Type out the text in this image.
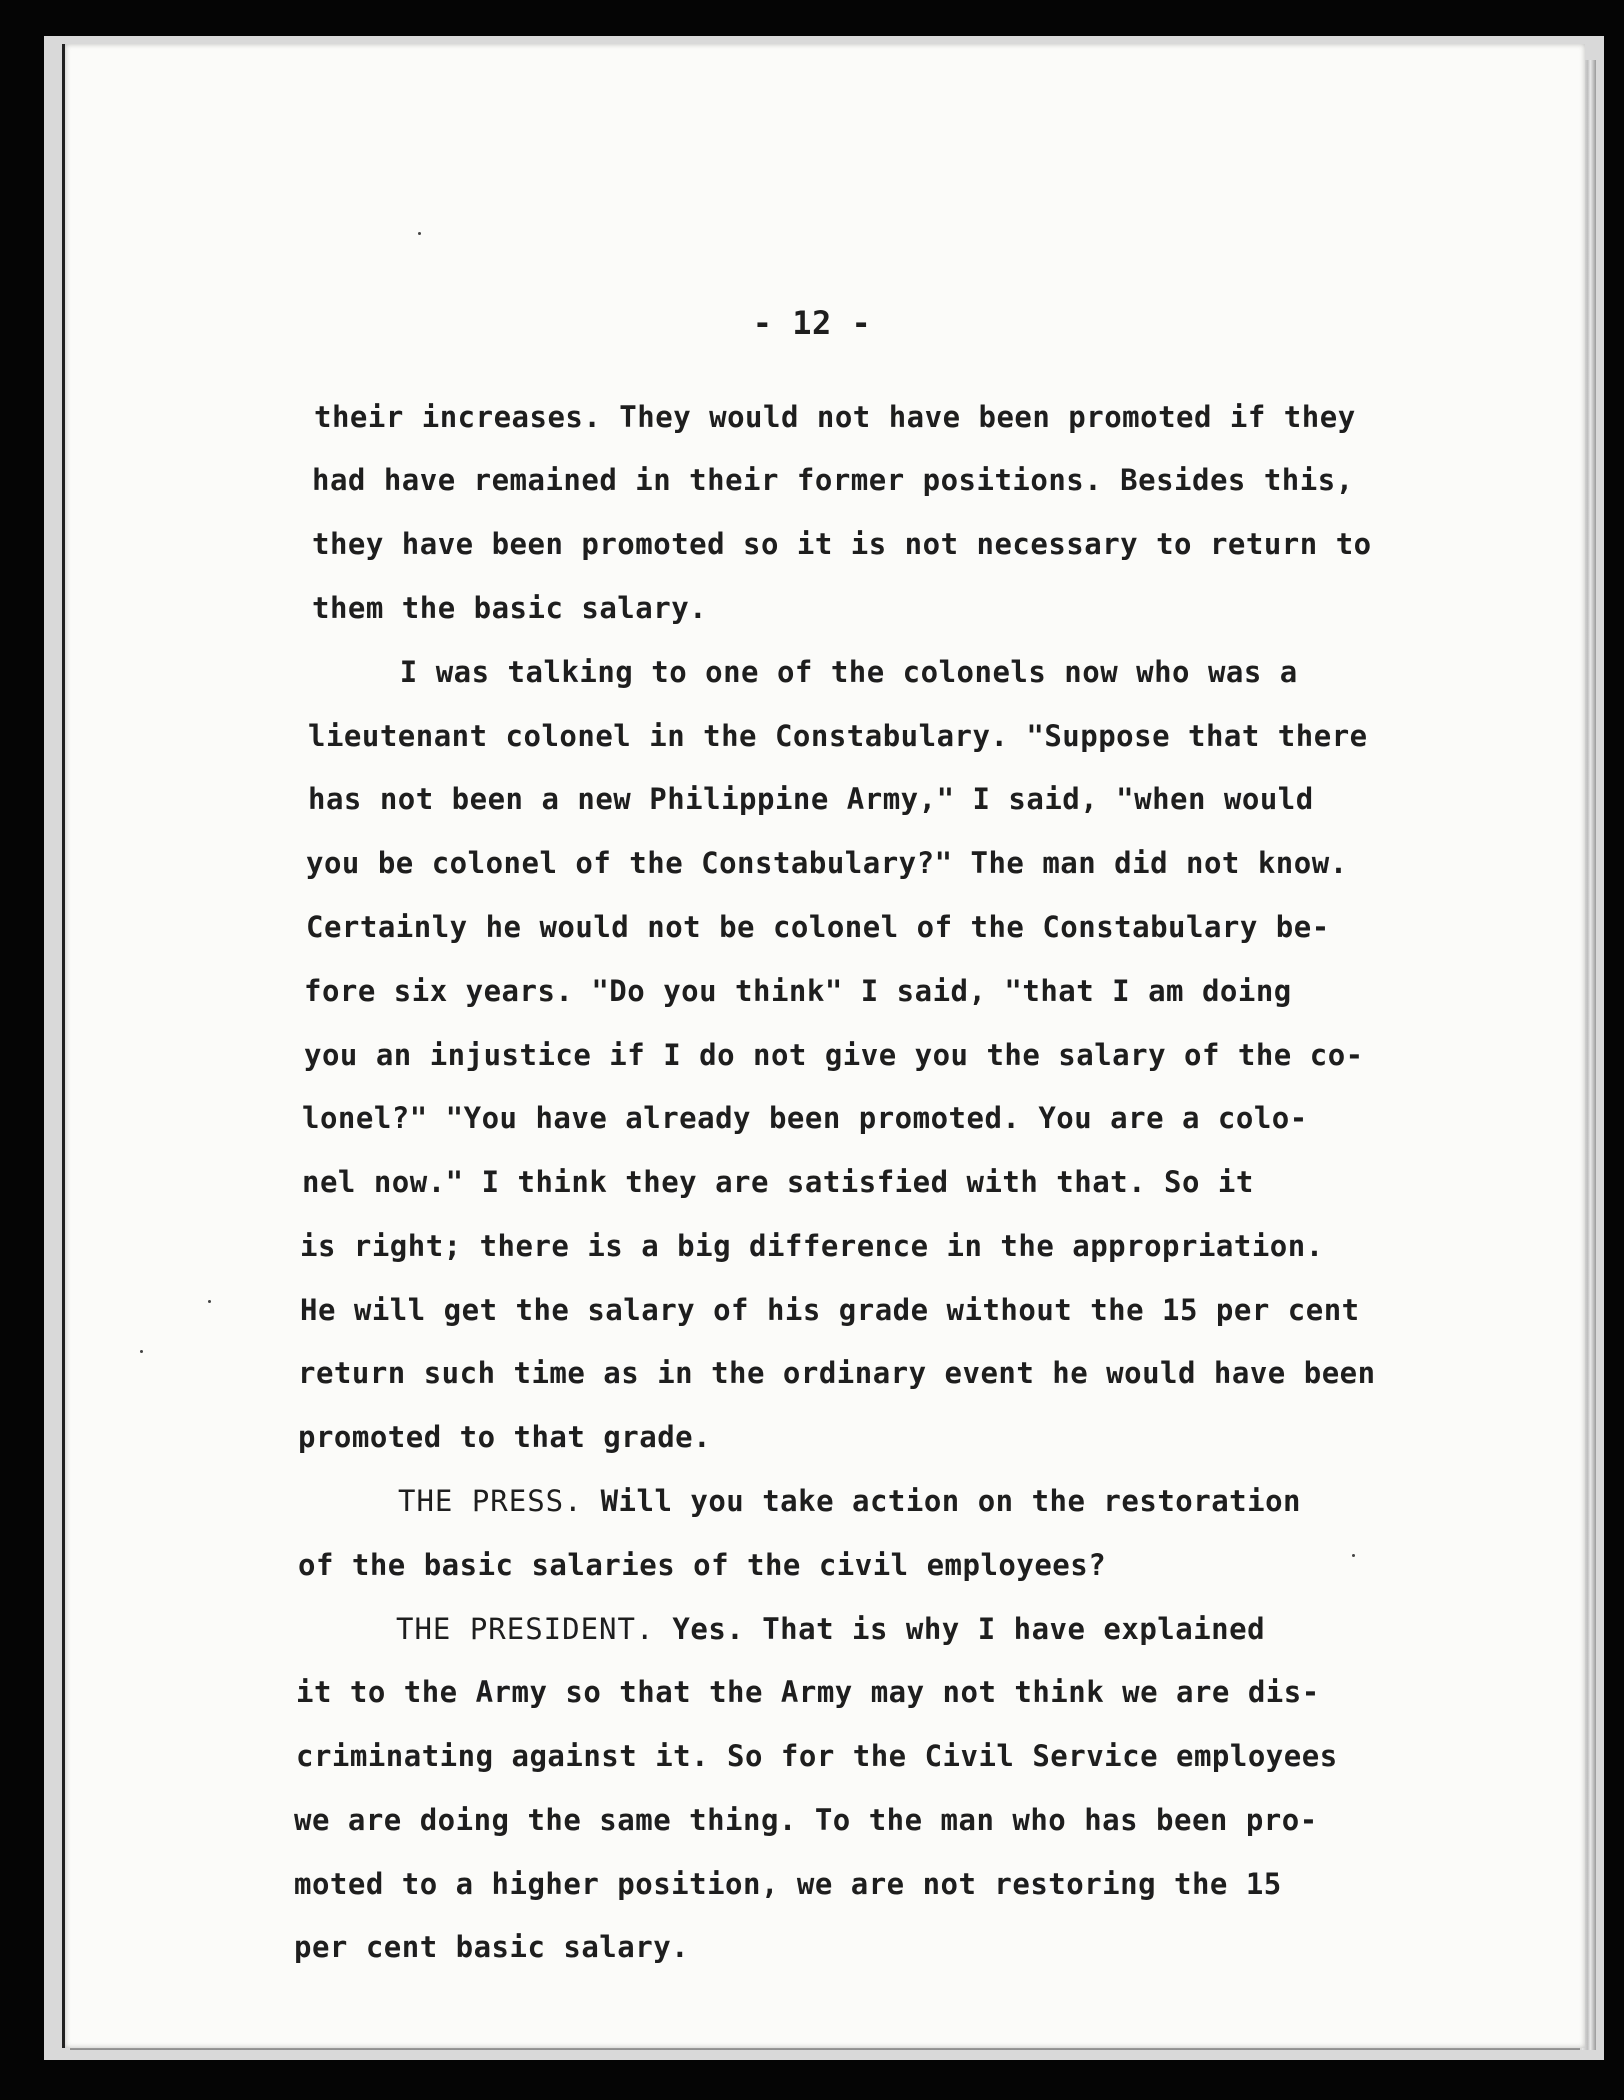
- 12 -
their increases. They would not have been promoted if they
had have remained in their former positions. Besides this,
they have been promoted so it is not necessary to return to
them the basic salary.
I was talking to one of the colonels now who was a
lieutenant colonel in the Constabulary. "Suppose that there
has not been a new Philippine Army," I said, "when would
you be colonel of the Constabulary?" The man did not know.
Certainly he would not be colonel of the Constabulary be-
fore six years. "Do you think" I said, "that I am doing
you an injustice if I do not give you the salary of the co-
lonel?" "You have already been promoted. You are a colo-
nel now." I think they are satisfied with that. So it
is right; there is a big difference in the appropriation.
He will get the salary of his grade without the 15 per cent
return such time as in the ordinary event he would have been
promoted to that grade.
THE PRESS. Will you take action on the restoration
of the basic salaries of the civil employees?
THE PRESIDENT. Yes. That is why I have explained
it to the Army so that the Army may not think we are dis-
criminating against it. So for the Civil Service employees
we are doing the same thing. To the man who has been pro-
moted to a higher position, we are not restoring the 15
per cent basic salary.
